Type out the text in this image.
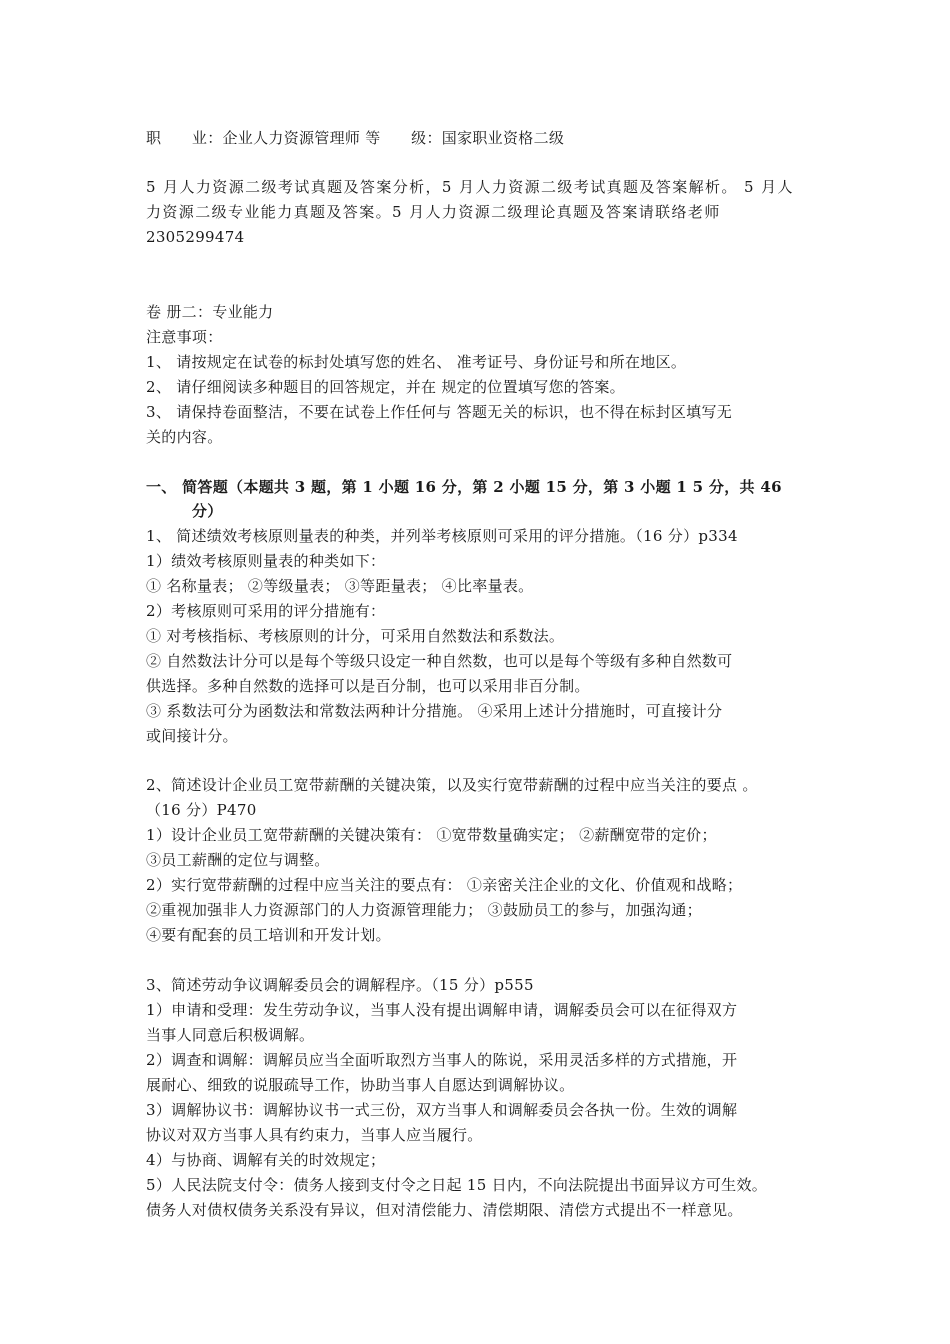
职　　业：企业人力资源管理师 等　　级：国家职业资格二级
5 月人力资源二级考试真题及答案分析，5 月人力资源二级考试真题及答案解析。 5 月人
力资源二级专业能力真题及答案。5 月人力资源二级理论真题及答案请联络老师
2305299474
卷 册二：专业能力
注意事项：
1、 请按规定在试卷的标封处填写您的姓名、 准考证号、身份证号和所在地区。
2、 请仔细阅读多种题目的回答规定，并在 规定的位置填写您的答案。
3、 请保持卷面整洁，不要在试卷上作任何与 答题无关的标识，也不得在标封区填写无
关的内容。
一、 简答题（本题共 3 题，第 1 小题 16 分，第 2 小题 15 分，第 3 小题 1 5 分，共 46
　　　分）
1、 简述绩效考核原则量表的种类，并列举考核原则可采用的评分措施。（16 分）p334
1）绩效考核原则量表的种类如下：
① 名称量表； ②等级量表； ③等距量表； ④比率量表。
2）考核原则可采用的评分措施有：
① 对考核指标、考核原则的计分，可采用自然数法和系数法。
② 自然数法计分可以是每个等级只设定一种自然数，也可以是每个等级有多种自然数可
供选择。多种自然数的选择可以是百分制，也可以采用非百分制。
③ 系数法可分为函数法和常数法两种计分措施。 ④采用上述计分措施时，可直接计分
或间接计分。
2、简述设计企业员工宽带薪酬的关键决策，以及实行宽带薪酬的过程中应当关注的要点 。
（16 分）P470
1）设计企业员工宽带薪酬的关键决策有： ①宽带数量确实定； ②薪酬宽带的定价；
③员工薪酬的定位与调整。
2）实行宽带薪酬的过程中应当关注的要点有： ①亲密关注企业的文化、价值观和战略；
②重视加强非人力资源部门的人力资源管理能力； ③鼓励员工的参与，加强沟通；
④要有配套的员工培训和开发计划。
3、简述劳动争议调解委员会的调解程序。（15 分）p555
1）申请和受理：发生劳动争议，当事人没有提出调解申请，调解委员会可以在征得双方
当事人同意后积极调解。
2）调查和调解：调解员应当全面听取烈方当事人的陈说，采用灵活多样的方式措施，开
展耐心、细致的说服疏导工作，协助当事人自愿达到调解协议。
3）调解协议书：调解协议书一式三份，双方当事人和调解委员会各执一份。生效的调解
协议对双方当事人具有约束力，当事人应当履行。
4）与协商、调解有关的时效规定；
5）人民法院支付令：债务人接到支付令之日起 15 日内，不向法院提出书面异议方可生效。
债务人对债权债务关系没有异议，但对清偿能力、清偿期限、清偿方式提出不一样意见。
